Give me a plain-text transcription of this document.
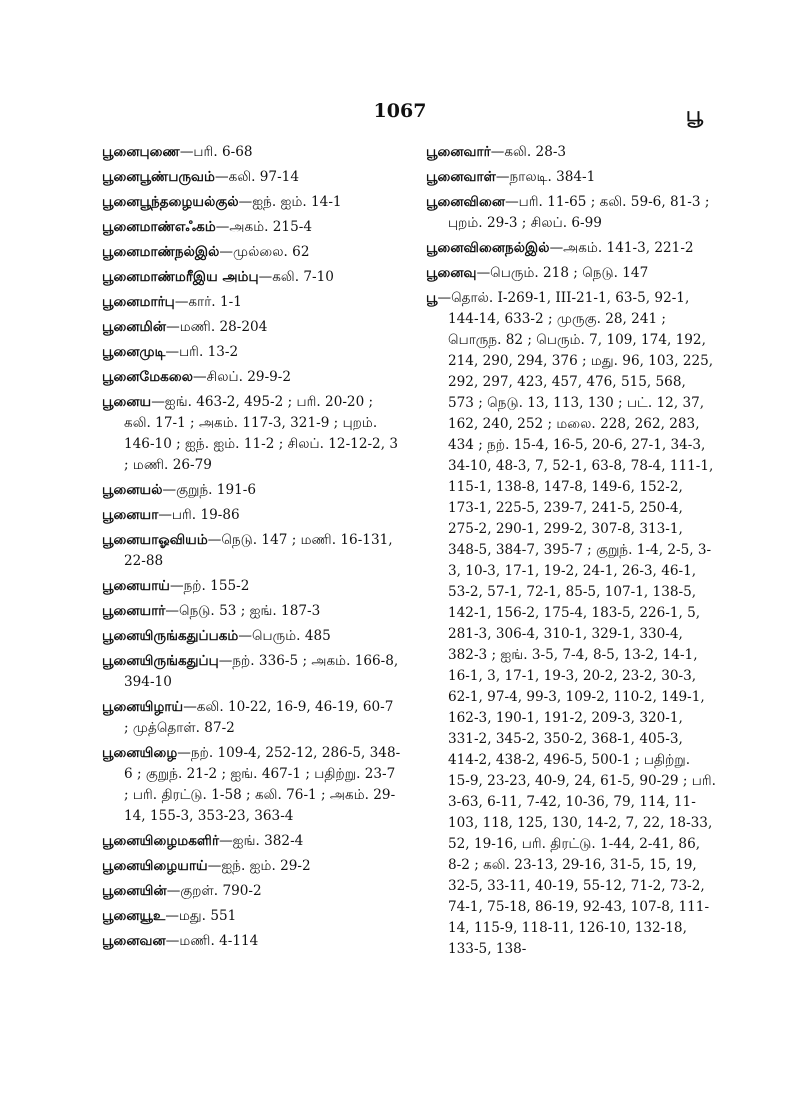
1067	பூ
பூனைபுணை—பரி. 6-68
பூனைபூண்பருவம்—கலி. 97-14
பூனைபூந்தழையல்குல்—ஐந். ஐம். 14-1
பூனைமாண்எஃகம்—அகம். 215-4
பூனைமாண்நல்இல்—முல்லை. 62
பூனைமாண்மரீஇய அம்பு—கலி. 7-10
பூனைமார்பு—கார். 1-1
பூனைமின்—மணி. 28-204
பூனைமுடி—பரி. 13-2
பூனைமேகலை—சிலப். 29-9-2
பூனைய—ஐங். 463-2, 495-2 ; பரி. 20-20 ; கலி. 17-1 ; அகம். 117-3, 321-9 ; புறம். 146-10 ; ஐந். ஐம். 11-2 ; சிலப். 12-12-2, 3 ; மணி. 26-79
பூனையல்—குறுந். 191-6
பூனையா—பரி. 19-86
பூனையாஓவியம்—நெடு. 147 ; மணி. 16-131, 22-88
பூனையாய்—நற். 155-2
பூனையார்—நெடு. 53 ; ஐங். 187-3
பூனையிருங்கதுப்பகம்—பெரும். 485
பூனையிருங்கதுப்பு—நற். 336-5 ; அகம். 166-8, 394-10
பூனையிழாய்—கலி. 10-22, 16-9, 46-19, 60-7 ; முத்தொள். 87-2
பூனையிழை—நற். 109-4, 252-12, 286-5, 348-6 ; குறுந். 21-2 ; ஐங். 467-1 ; பதிற்று. 23-7 ; பரி. திரட்டு. 1-58 ; கலி. 76-1 ; அகம். 29-14, 155-3, 353-23, 363-4
பூனையிழைமகளிர்—ஐங். 382-4
பூனையிழையாய்—ஐந். ஐம். 29-2
பூனையின்—குறள். 790-2
பூனையூஉ—மது. 551
பூனைவன—மணி. 4-114
பூனைவார்—கலி. 28-3
பூனைவாள்—நாலடி. 384-1
பூனைவினை—பரி. 11-65 ; கலி. 59-6, 81-3 ; புறம். 29-3 ; சிலப். 6-99
பூனைவினைநல்இல்—அகம். 141-3, 221-2
பூனைவு—பெரும். 218 ; நெடு. 147
பூ—தொல். I-269-1, III-21-1, 63-5, 92-1, 144-14, 633-2 ; முருகு. 28, 241 ; பொருந. 82 ; பெரும். 7, 109, 174, 192, 214, 290, 294, 376 ; மது. 96, 103, 225, 292, 297, 423, 457, 476, 515, 568, 573 ; நெடு. 13, 113, 130 ; பட். 12, 37, 162, 240, 252 ; மலை. 228, 262, 283, 434 ; நற். 15-4, 16-5, 20-6, 27-1, 34-3, 34-10, 48-3, 7, 52-1, 63-8, 78-4, 111-1, 115-1, 138-8, 147-8, 149-6, 152-2, 173-1, 225-5, 239-7, 241-5, 250-4, 275-2, 290-1, 299-2, 307-8, 313-1, 348-5, 384-7, 395-7 ; குறுந். 1-4, 2-5, 3-3, 10-3, 17-1, 19-2, 24-1, 26-3, 46-1, 53-2, 57-1, 72-1, 85-5, 107-1, 138-5, 142-1, 156-2, 175-4, 183-5, 226-1, 5, 281-3, 306-4, 310-1, 329-1, 330-4, 382-3 ; ஐங். 3-5, 7-4, 8-5, 13-2, 14-1, 16-1, 3, 17-1, 19-3, 20-2, 23-2, 30-3, 62-1, 97-4, 99-3, 109-2, 110-2, 149-1, 162-3, 190-1, 191-2, 209-3, 320-1, 331-2, 345-2, 350-2, 368-1, 405-3, 414-2, 438-2, 496-5, 500-1 ; பதிற்று. 15-9, 23-23, 40-9, 24, 61-5, 90-29 ; பரி. 3-63, 6-11, 7-42, 10-36, 79, 114, 11-103, 118, 125, 130, 14-2, 7, 22, 18-33, 52, 19-16, பரி. திரட்டு. 1-44, 2-41, 86, 8-2 ; கலி. 23-13, 29-16, 31-5, 15, 19, 32-5, 33-11, 40-19, 55-12, 71-2, 73-2, 74-1, 75-18, 86-19, 92-43, 107-8, 111-14, 115-9, 118-11, 126-10, 132-18, 133-5, 138-
